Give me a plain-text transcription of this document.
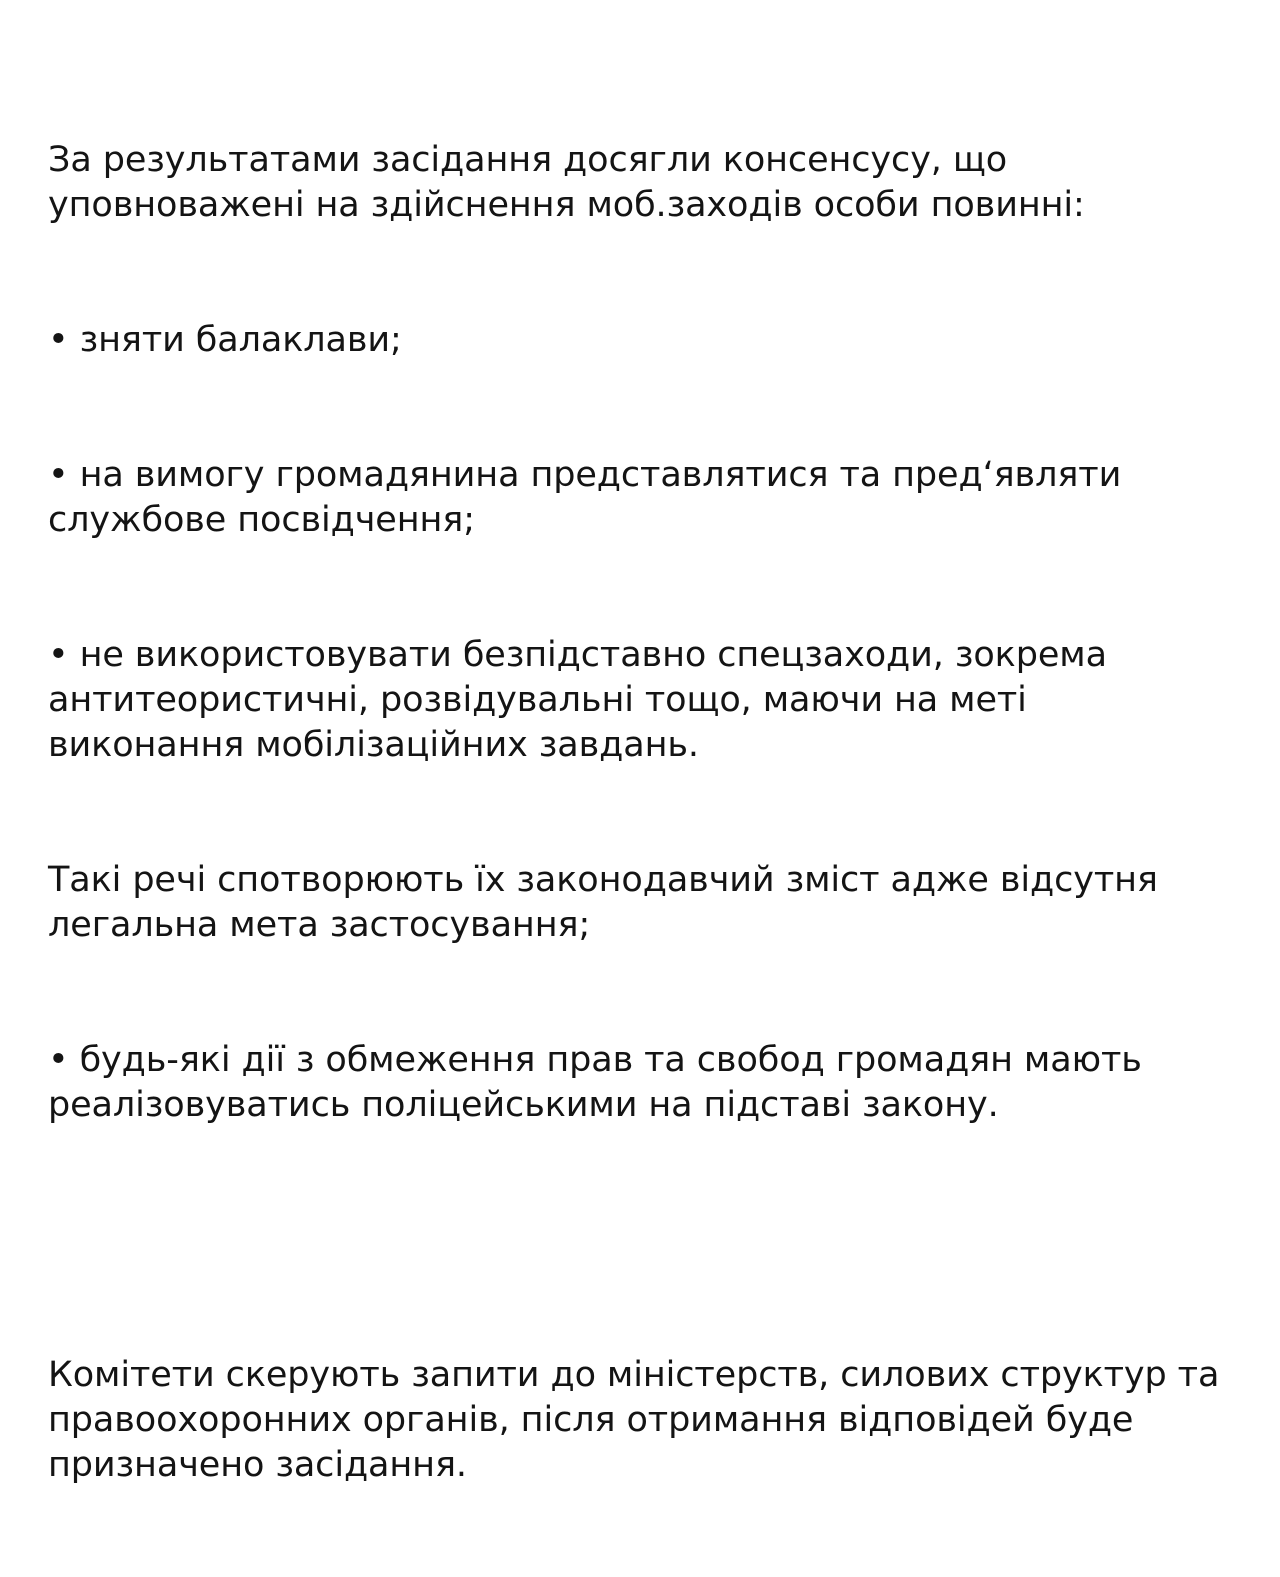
За результатами засідання досягли консенсусу, що уповноважені на здійснення моб.заходів особи повинні:

• зняти балаклави;

• на вимогу громадянина представлятися та пред‘являти службове посвідчення;

• не використовувати безпідставно спецзаходи, зокрема антитеористичні, розвідувальні тощо, маючи на меті виконання мобілізаційних завдань.

Такі речі спотворюють їх законодавчий зміст адже відсутня легальна мета застосування;

• будь-які дії з обмеження прав та свобод громадян мають реалізовуватись поліцейськими на підставі закону.

Комітети скерують запити до міністерств, силових структур та правоохоронних органів, після отримання відповідей буде призначено засідання.
